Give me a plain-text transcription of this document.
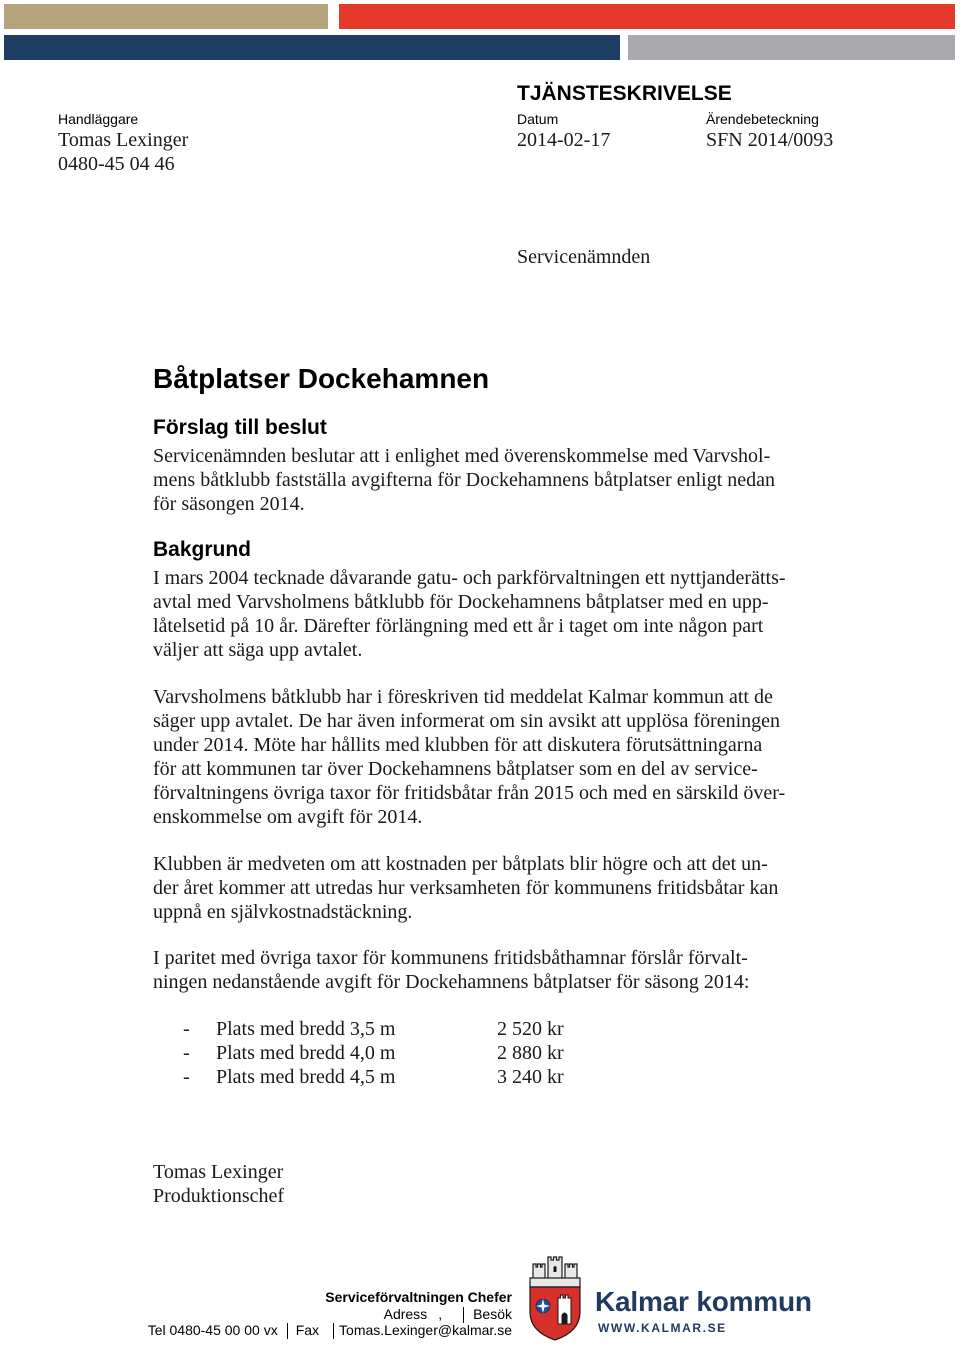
TJÄNSTESKRIVELSE
Handläggare
Tomas Lexinger
0480-45 04 46
Datum
2014-02-17
Ärendebeteckning
SFN 2014/0093
Servicenämnden
Båtplatser Dockehamnen
Förslag till beslut
Servicenämnden beslutar att i enlighet med överenskommelse med Varvshol-
mens båtklubb fastställa avgifterna för Dockehamnens båtplatser enligt nedan
för säsongen 2014.
Bakgrund
I mars 2004 tecknade dåvarande gatu- och parkförvaltningen ett nyttjanderätts-
avtal med Varvsholmens båtklubb för Dockehamnens båtplatser med en upp-
låtelsetid på 10 år. Därefter förlängning med ett år i taget om inte någon part
väljer att säga upp avtalet.
Varvsholmens båtklubb har i föreskriven tid meddelat Kalmar kommun att de
säger upp avtalet. De har även informerat om sin avsikt att upplösa föreningen
under 2014. Möte har hållits med klubben för att diskutera förutsättningarna
för att kommunen tar över Dockehamnens båtplatser som en del av service-
förvaltningens övriga taxor för fritidsbåtar från 2015 och med en särskild över-
enskommelse om avgift för 2014.
Klubben är medveten om att kostnaden per båtplats blir högre och att det un-
der året kommer att utredas hur verksamheten för kommunens fritidsbåtar kan
uppnå en självkostnadstäckning.
I paritet med övriga taxor för kommunens fritidsbåthamnar förslår förvalt-
ningen nedanstående avgift för Dockehamnens båtplatser för säsong 2014:
- Plats med bredd 3,5 m	2 520 kr
- Plats med bredd 4,0 m	2 880 kr
- Plats med bredd 4,5 m	3 240 kr
Tomas Lexinger
Produktionschef
Serviceförvaltningen Chefer
Adress , Besök
Tel 0480-45 00 00 vx Fax Tomas.Lexinger@kalmar.se
Kalmar kommun
WWW.KALMAR.SE
